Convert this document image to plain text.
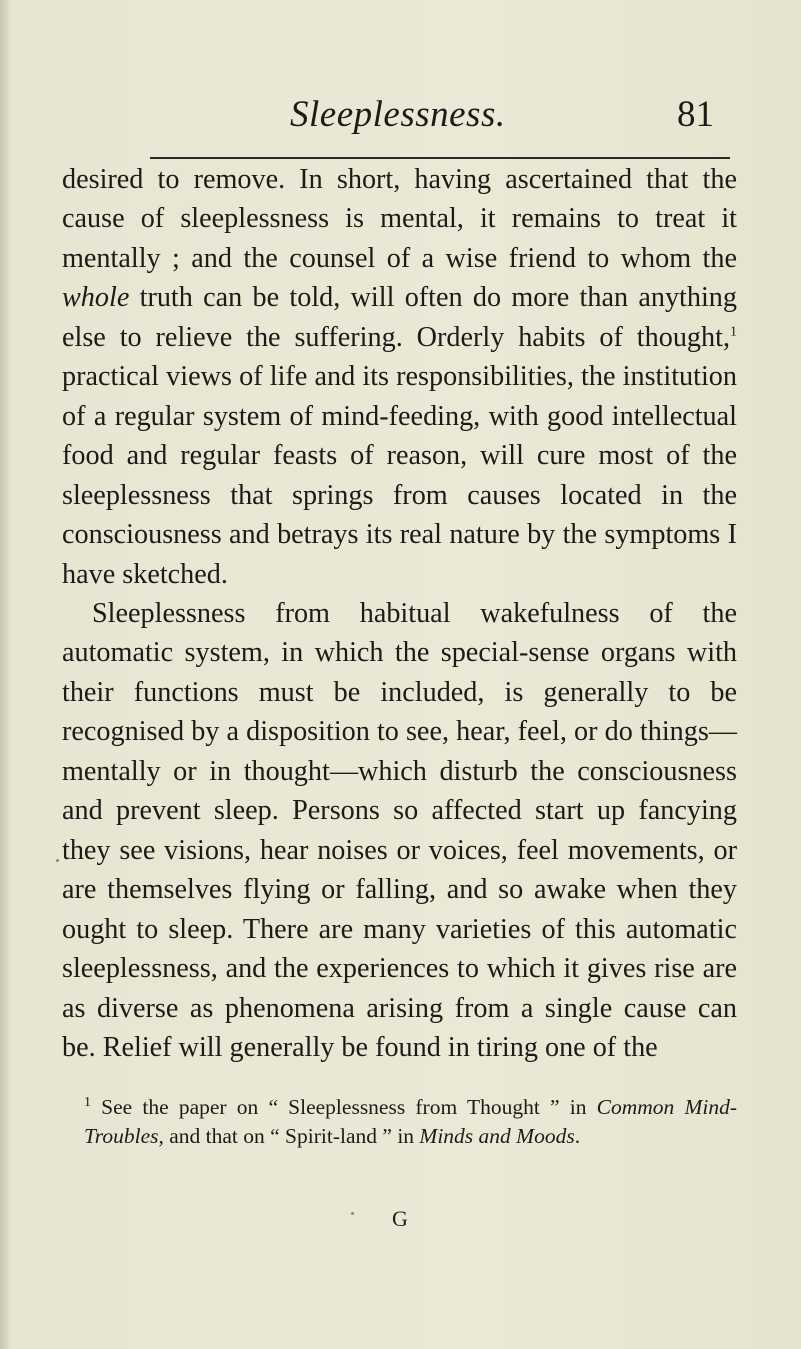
Sleeplessness.	81

desired to remove. In short, having ascertained that the cause of sleeplessness is mental, it remains to treat it mentally ; and the counsel of a wise friend to whom the whole truth can be told, will often do more than anything else to relieve the suffering. Orderly habits of thought,$^1$ practical views of life and its responsibilities, the institution of a regular system of mind-feeding, with good intellectual food and regular feasts of reason, will cure most of the sleeplessness that springs from causes located in the consciousness and betrays its real nature by the symptoms I have sketched.

Sleeplessness from habitual wakefulness of the automatic system, in which the special-sense organs with their functions must be included, is generally to be recognised by a disposition to see, hear, feel, or do things—mentally or in thought—which disturb the consciousness and prevent sleep. Persons so affected start up fancying they see visions, hear noises or voices, feel movements, or are themselves flying or falling, and so awake when they ought to sleep. There are many varieties of this automatic sleeplessness, and the experiences to which it gives rise are as diverse as phenomena arising from a single cause can be. Relief will generally be found in tiring one of the

$^1$ See the paper on “ Sleeplessness from Thought ” in Common Mind-Troubles, and that on “ Spirit-land ” in Minds and Moods.

G
